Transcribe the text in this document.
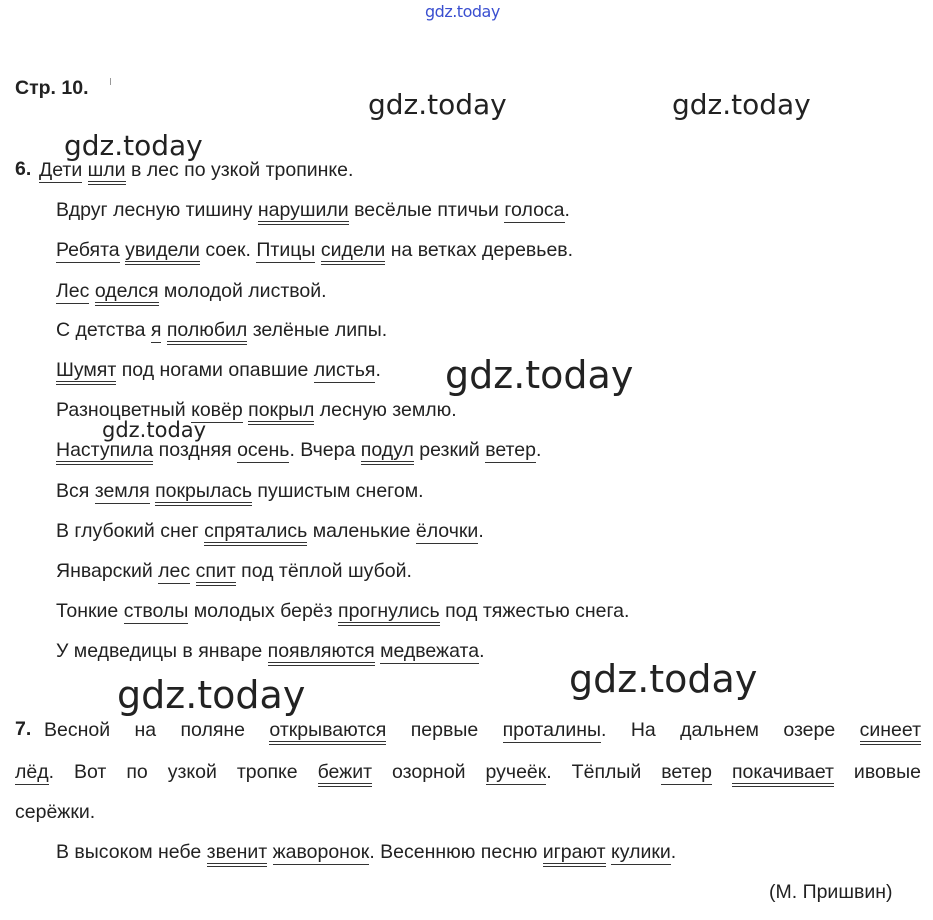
gdz.today
gdz.today	gdz.today
gdz.today
gdz.today
gdz.today
gdz.today	gdz.today
Стр. 10.
6. Дети шли в лес по узкой тропинке.
Вдруг лесную тишину нарушили весёлые птичьи голоса.
Ребята увидели соек. Птицы сидели на ветках деревьев.
Лес оделся молодой листвой.
С детства я полюбил зелёные липы.
Шумят под ногами опавшие листья.
Разноцветный ковёр покрыл лесную землю.
Наступила поздняя осень. Вчера подул резкий ветер.
Вся земля покрылась пушистым снегом.
В глубокий снег спрятались маленькие ёлочки.
Январский лес спит под тёплой шубой.
Тонкие стволы молодых берёз прогнулись под тяжестью снега.
У медведицы в январе появляются медвежата.
7. Весной на поляне открываются первые проталины. На дальнем озере синеет
лёд. Вот по узкой тропке бежит озорной ручеёк. Тёплый ветер покачивает ивовые
серёжки.
В высоком небе звенит жаворонок. Весеннюю песню играют кулики.
(М. Пришвин)
